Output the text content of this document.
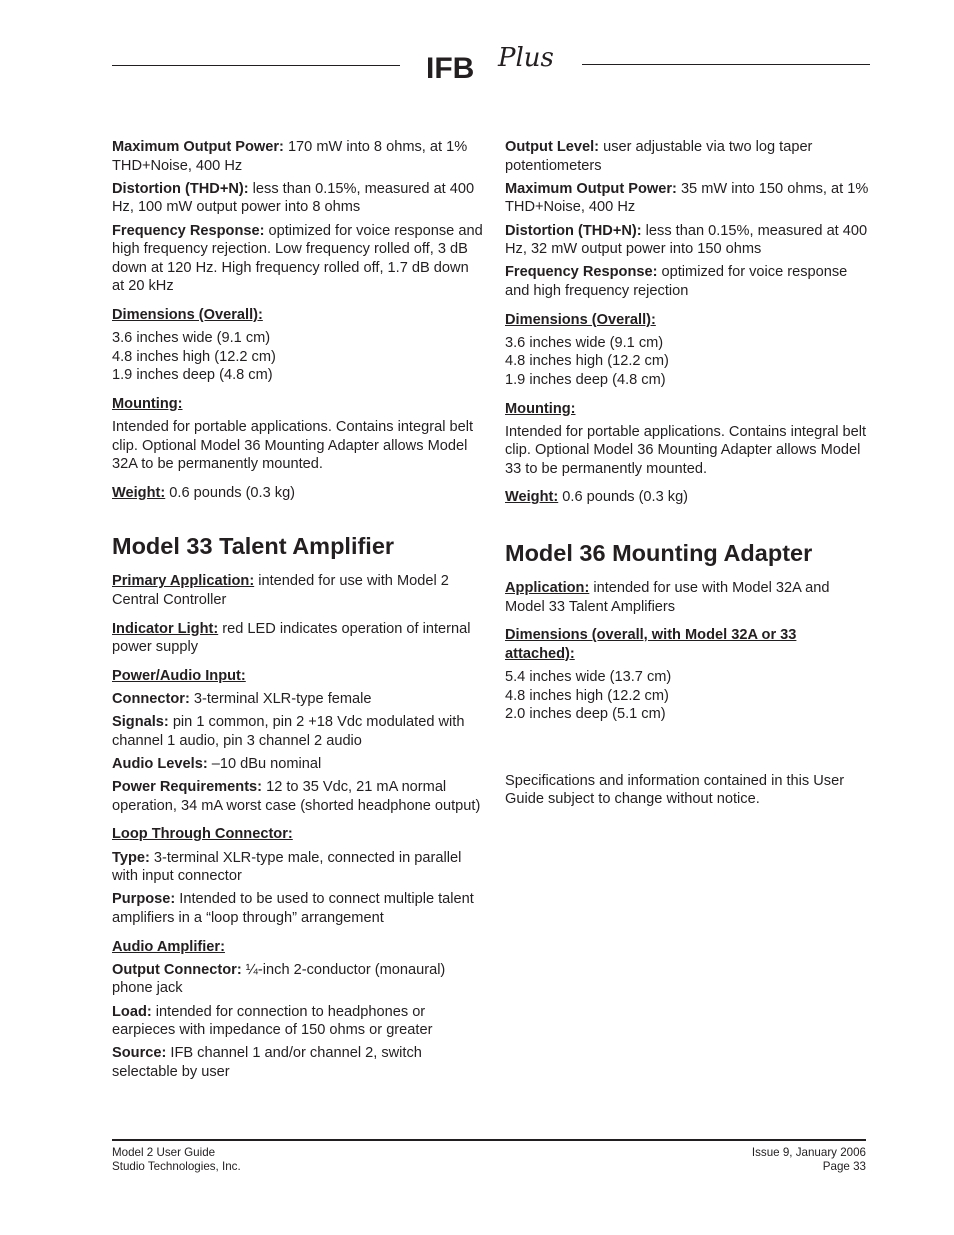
IFB Plus

Maximum Output Power: 170 mW into 8 ohms, at 1% THD+Noise, 400 Hz

Distortion (THD+N): less than 0.15%, measured at 400 Hz, 100 mW output power into 8 ohms

Frequency Response: optimized for voice response and high frequency rejection. Low frequency rolled off, 3 dB down at 120 Hz. High frequency rolled off, 1.7 dB down at 20 kHz

Dimensions (Overall):

3.6 inches wide (9.1 cm)

4.8 inches high (12.2 cm)

1.9 inches deep (4.8 cm)

Mounting:

Intended for portable applications. Contains integral belt clip. Optional Model 36 Mounting Adapter allows Model 32A to be permanently mounted.

Weight: 0.6 pounds (0.3 kg)

Model 33 Talent Amplifier

Primary Application: intended for use with Model 2 Central Controller

Indicator Light: red LED indicates operation of internal power supply

Power/Audio Input:

Connector: 3-terminal XLR-type female

Signals: pin 1 common, pin 2 +18 Vdc modulated with channel 1 audio, pin 3 channel 2 audio

Audio Levels: –10 dBu nominal

Power Requirements: 12 to 35 Vdc, 21 mA normal operation, 34 mA worst case (shorted headphone output)

Loop Through Connector:

Type: 3-terminal XLR-type male, connected in parallel with input connector

Purpose: Intended to be used to connect multiple talent amplifiers in a “loop through” arrangement

Audio Amplifier:

Output Connector: ¼-inch 2-conductor (monaural) phone jack

Load: intended for connection to headphones or earpieces with impedance of 150 ohms or greater

Source: IFB channel 1 and/or channel 2, switch selectable by user

Output Level: user adjustable via two log taper potentiometers

Maximum Output Power: 35 mW into 150 ohms, at 1% THD+Noise, 400 Hz

Distortion (THD+N): less than 0.15%, measured at 400 Hz, 32 mW output power into 150 ohms

Frequency Response: optimized for voice response and high frequency rejection

Dimensions (Overall):

3.6 inches wide (9.1 cm)

4.8 inches high (12.2 cm)

1.9 inches deep (4.8 cm)

Mounting:

Intended for portable applications. Contains integral belt clip. Optional Model 36 Mounting Adapter allows Model 33 to be permanently mounted.

Weight: 0.6 pounds (0.3 kg)

Model 36 Mounting Adapter

Application: intended for use with Model 32A and Model 33 Talent Amplifiers

Dimensions (overall, with Model 32A or 33 attached):

5.4 inches wide (13.7 cm)

4.8 inches high (12.2 cm)

2.0 inches deep (5.1 cm)

Specifications and information contained in this User Guide subject to change without notice.

Model 2 User Guide
Studio Technologies, Inc.
Issue 9, January 2006
Page 33
